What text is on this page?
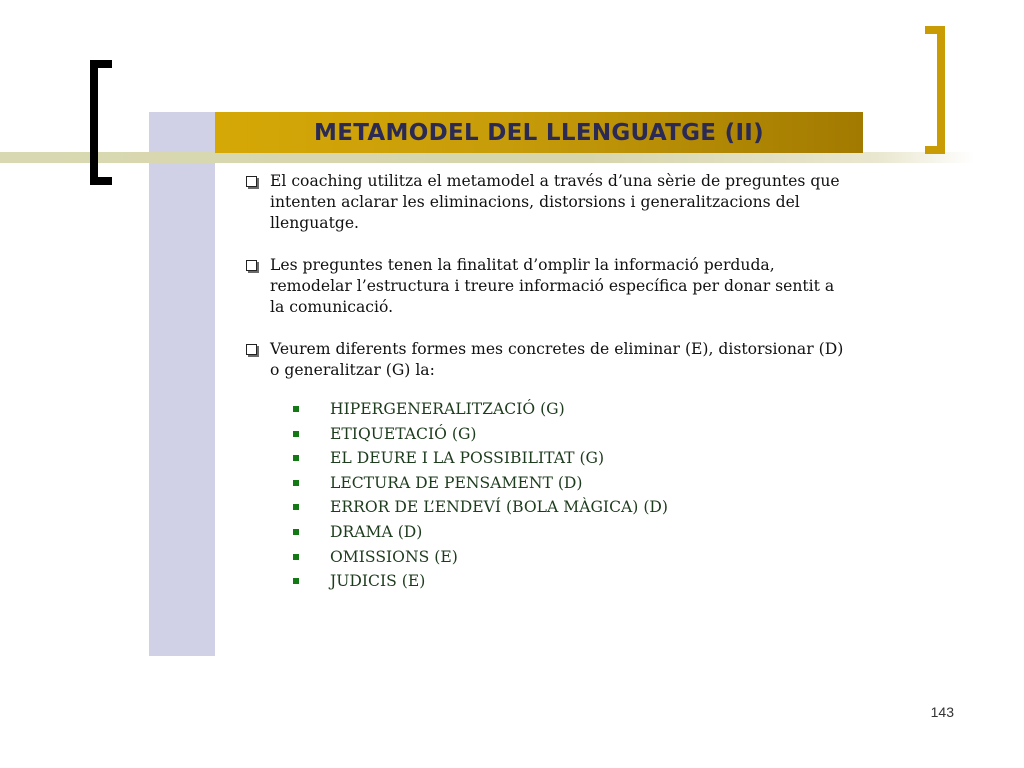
METAMODEL DEL LLENGUATGE (II)
El coaching utilitza el metamodel a través d’una sèrie de preguntes que intenten aclarar les eliminacions, distorsions i generalitzacions del llenguatge.
Les preguntes tenen la finalitat d’omplir la informació perduda, remodelar l’estructura i treure informació específica per donar sentit a la comunicació.
Veurem diferents formes mes concretes de eliminar (E), distorsionar (D) o generalitzar (G) la:
HIPERGENERALITZACIÓ (G)
ETIQUETACIÓ (G)
EL DEURE I LA POSSIBILITAT (G)
LECTURA DE PENSAMENT (D)
ERROR DE L’ENDEVÍ (BOLA MÀGICA) (D)
DRAMA (D)
OMISSIONS (E)
JUDICIS (E)
143
